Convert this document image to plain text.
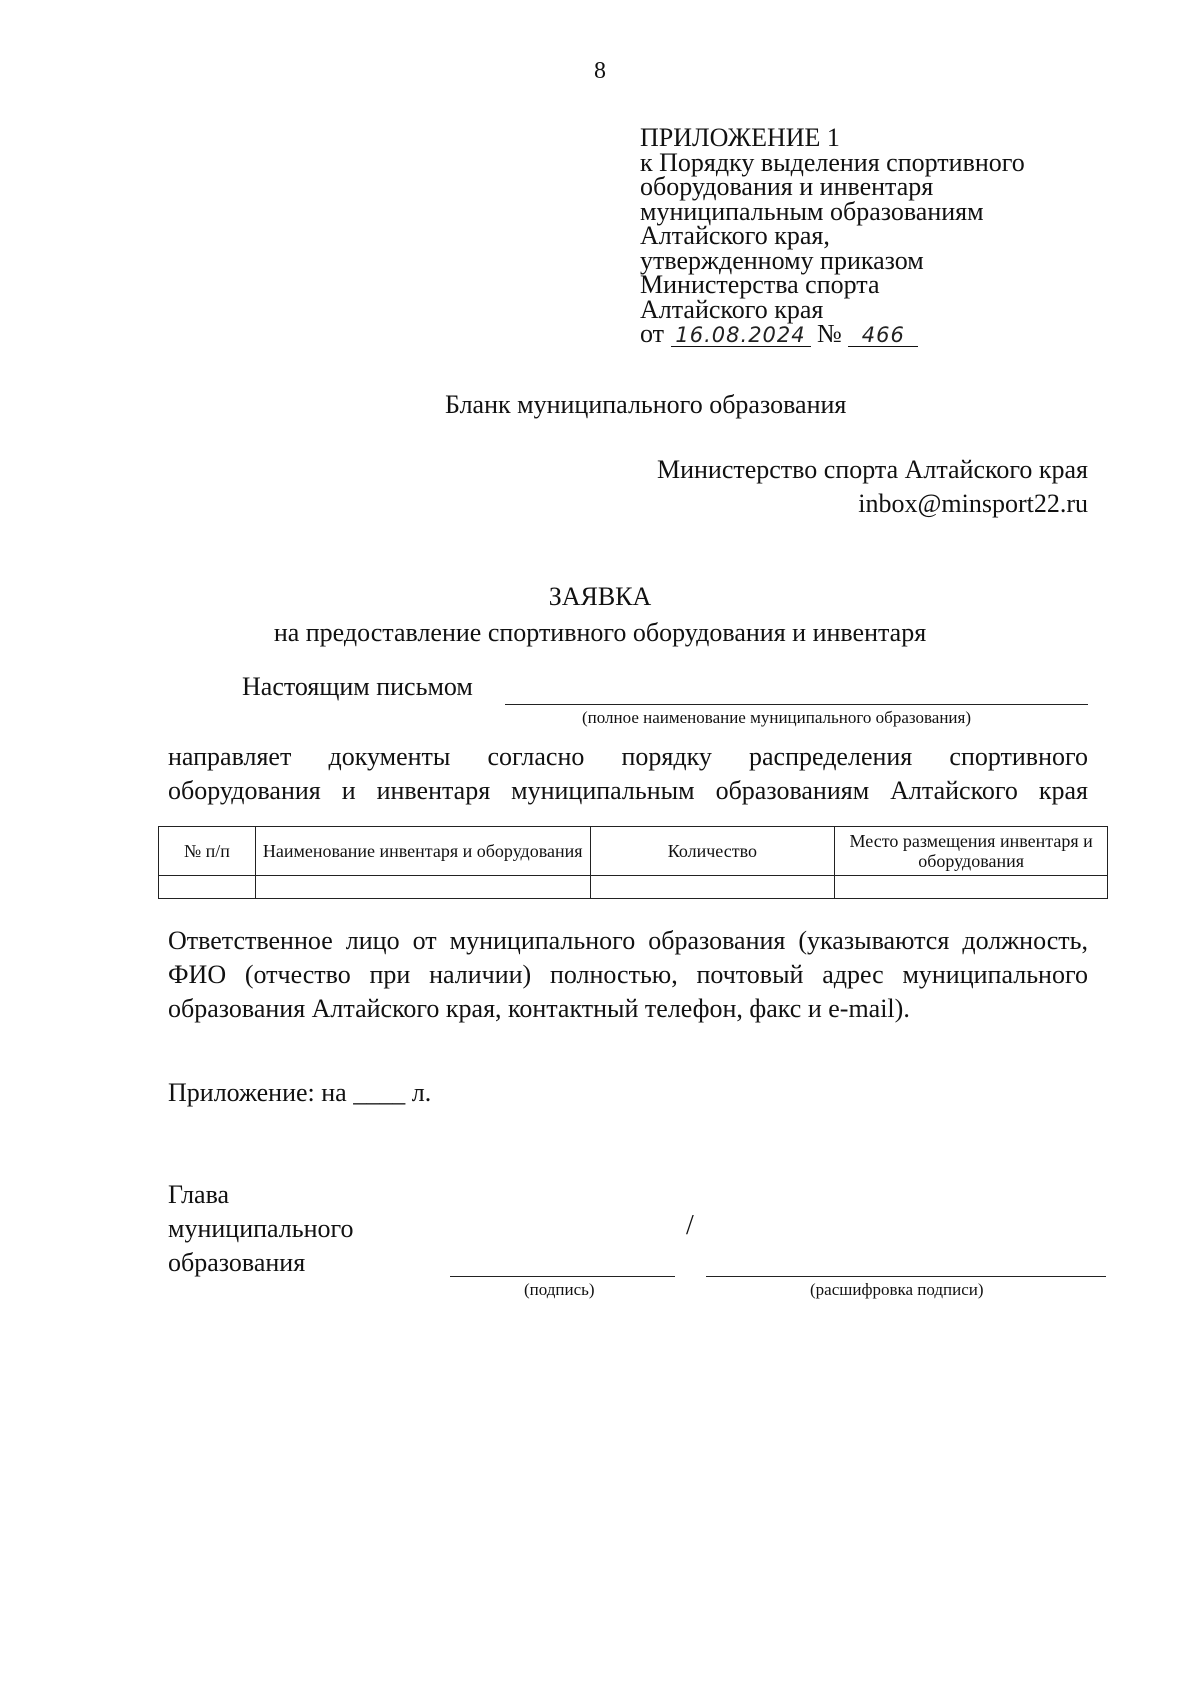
8
ПРИЛОЖЕНИЕ 1
к Порядку выделения спортивного
оборудования и инвентаря
муниципальным образованиям
Алтайского края,
утвержденному приказом
Министерства спорта
Алтайского края
от 16.08.2024 № 466
Бланк муниципального образования
Министерство спорта Алтайского края
inbox@minsport22.ru
ЗАЯВКА
на предоставление спортивного оборудования и инвентаря
Настоящим письмом
(полное наименование муниципального образования)
направляет документы согласно порядку распределения спортивного оборудования и инвентаря муниципальным образованиям Алтайского края
№ п/п	Наименование инвентаря и оборудования	Количество	Место размещения инвентаря и оборудования

Ответственное лицо от муниципального образования (указываются должность, ФИО (отчество при наличии) полностью, почтовый адрес муниципального образования Алтайского края, контактный телефон, факс и e-mail).
Приложение: на ____ л.
Глава
муниципального
образования
/
(подпись)	(расшифровка подписи)
